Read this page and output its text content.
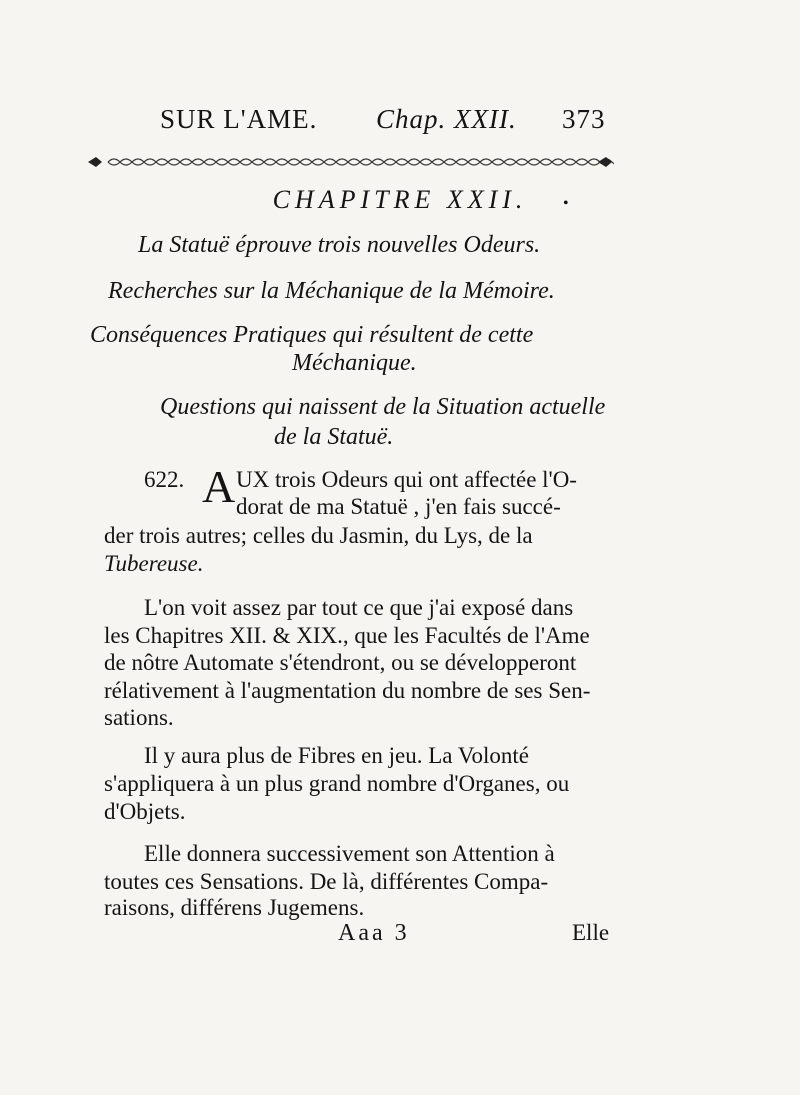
SUR L'AME. Chap. XXII. 373
CHAPITRE XXII.	•
La Statuë éprouve trois nouvelles Odeurs.
Recherches sur la Méchanique de la Mémoire.
Conséquences Pratiques qui résultent de cette
Méchanique.
Questions qui naissent de la Situation actuelle
de la Statuë.
622. A UX trois Odeurs qui ont affectée l'O-
dorat de ma Statuë , j'en fais succé-
der trois autres; celles du Jasmin, du Lys, de la
Tubereuse.
L'on voit assez par tout ce que j'ai exposé dans
les Chapitres XII. & XIX., que les Facultés de l'Ame
de nôtre Automate s'étendront, ou se développeront
rélativement à l'augmentation du nombre de ses Sen-
sations.
Il y aura plus de Fibres en jeu. La Volonté
s'appliquera à un plus grand nombre d'Organes, ou
d'Objets.
Elle donnera successivement son Attention à
toutes ces Sensations. De là, différentes Compa-
raisons, différens Jugemens.
Aaa 3	Elle
